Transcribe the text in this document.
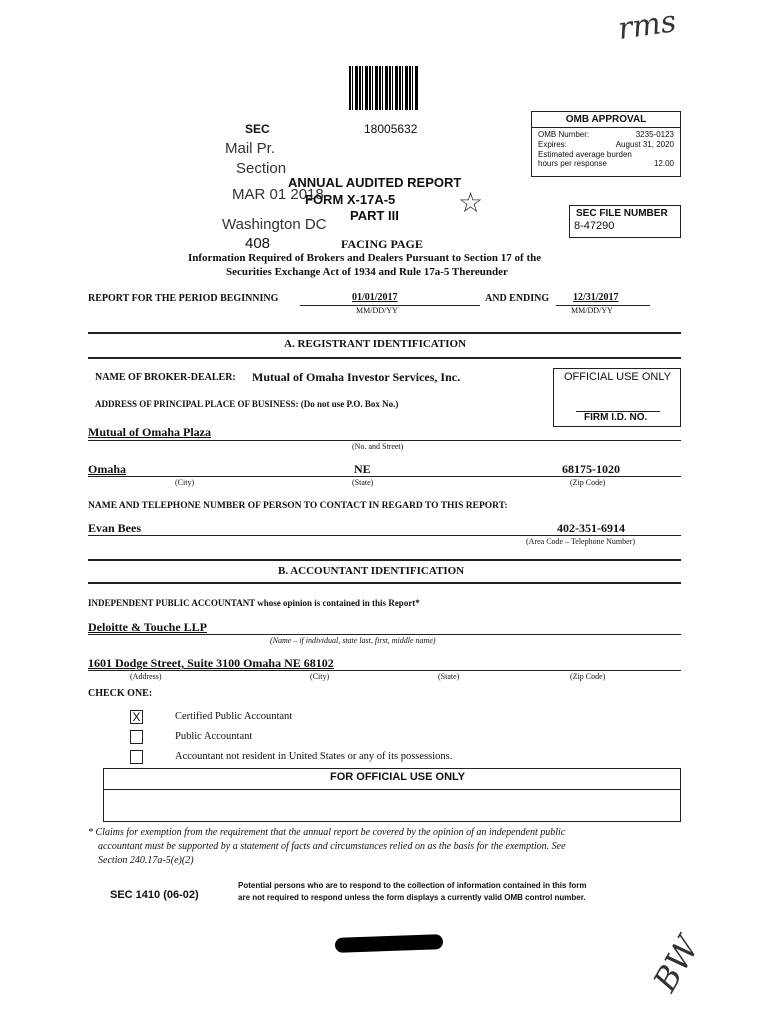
rms
BW
18005632
SEC
Mail Pr.
Section
MAR 01 2018
Washington DC
408
OMB APPROVAL
OMB Number:	3235-0123
Expires:	August 31, 2020
Estimated average burden
hours per response	12.00
ANNUAL AUDITED REPORT
FORM X-17A-5
PART III ☆	SEC FILE NUMBER
8-47290
FACING PAGE
Information Required of Brokers and Dealers Pursuant to Section 17 of the
Securities Exchange Act of 1934 and Rule 17a-5 Thereunder
REPORT FOR THE PERIOD BEGINNING	01/01/2017
MM/DD/YY
AND ENDING 12/31/2017
MM/DD/YY
A. REGISTRANT IDENTIFICATION
NAME OF BROKER-DEALER: Mutual of Omaha Investor Services, Inc.	OFFICIAL USE ONLY
FIRM I.D. NO.
ADDRESS OF PRINCIPAL PLACE OF BUSINESS: (Do not use P.O. Box No.)
Mutual of Omaha Plaza
(No. and Street)
Omaha	NE	68175-1020
(City)	(State)	(Zip Code)
NAME AND TELEPHONE NUMBER OF PERSON TO CONTACT IN REGARD TO THIS REPORT:
Evan Bees	402-351-6914
(Area Code – Telephone Number)
B. ACCOUNTANT IDENTIFICATION
INDEPENDENT PUBLIC ACCOUNTANT whose opinion is contained in this Report*
Deloitte & Touche LLP
(Name – if individual, state last, first, middle name)
1601 Dodge Street, Suite 3100 Omaha NE 68102
(Address)	(City)	(State)	(Zip Code)
CHECK ONE:
X	Certified Public Accountant
Public Accountant
Accountant not resident in United States or any of its possessions.
FOR OFFICIAL USE ONLY
* Claims for exemption from the requirement that the annual report be covered by the opinion of an independent public
accountant must be supported by a statement of facts and circumstances relied on as the basis for the exemption. See
Section 240.17a-5(e)(2)
SEC 1410 (06-02)
Potential persons who are to respond to the collection of information contained in this form
are not required to respond unless the form displays a currently valid OMB control number.
